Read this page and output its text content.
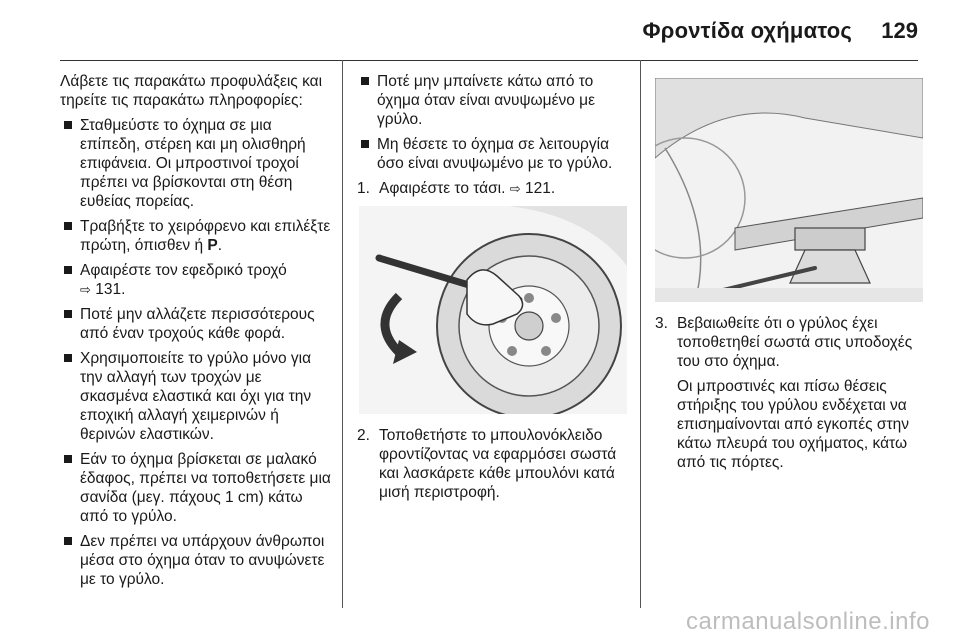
Φροντίδα οχήματος 129

Λάβετε τις παρακάτω προφυλάξεις και τηρείτε τις παρακάτω πληροφορίες:

Σταθμεύστε το όχημα σε μια επίπεδη, στέρεη και μη ολισθηρή επιφάνεια. Οι μπροστινοί τροχοί πρέπει να βρίσκονται στη θέση ευθείας πορείας.
Τραβήξτε το χειρόφρενο και επιλέξτε πρώτη, όπισθεν ή P.
Αφαιρέστε τον εφεδρικό τροχό
⇨ 131.
Ποτέ μην αλλάζετε περισσότερους από έναν τροχούς κάθε φορά.
Χρησιμοποιείτε το γρύλο μόνο για την αλλαγή των τροχών με σκασμένα ελαστικά και όχι για την εποχική αλλαγή χειμερινών ή θερινών ελαστικών.
Εάν το όχημα βρίσκεται σε μαλακό έδαφος, πρέπει να τοποθετήσετε μια σανίδα (μεγ. πάχους 1 cm) κάτω από το γρύλο.
Δεν πρέπει να υπάρχουν άνθρωποι μέσα στο όχημα όταν το ανυψώνετε με το γρύλο.
Ποτέ μην μπαίνετε κάτω από το όχημα όταν είναι ανυψωμένο με γρύλο.
Μη θέσετε το όχημα σε λειτουργία όσο είναι ανυψωμένο με το γρύλο.
1. Αφαιρέστε το τάσι. ⇨ 121.
2. Τοποθετήστε το μπουλονόκλειδο φροντίζοντας να εφαρμόσει σωστά και λασκάρετε κάθε μπουλόνι κατά μισή περιστροφή.
3. Βεβαιωθείτε ότι ο γρύλος έχει τοποθετηθεί σωστά στις υποδοχές του στο όχημα.

Οι μπροστινές και πίσω θέσεις στήριξης του γρύλου ενδέχεται να επισημαίνονται από εγκοπές στην κάτω πλευρά του οχήματος, κάτω από τις πόρτες.

carmanualsonline.info
